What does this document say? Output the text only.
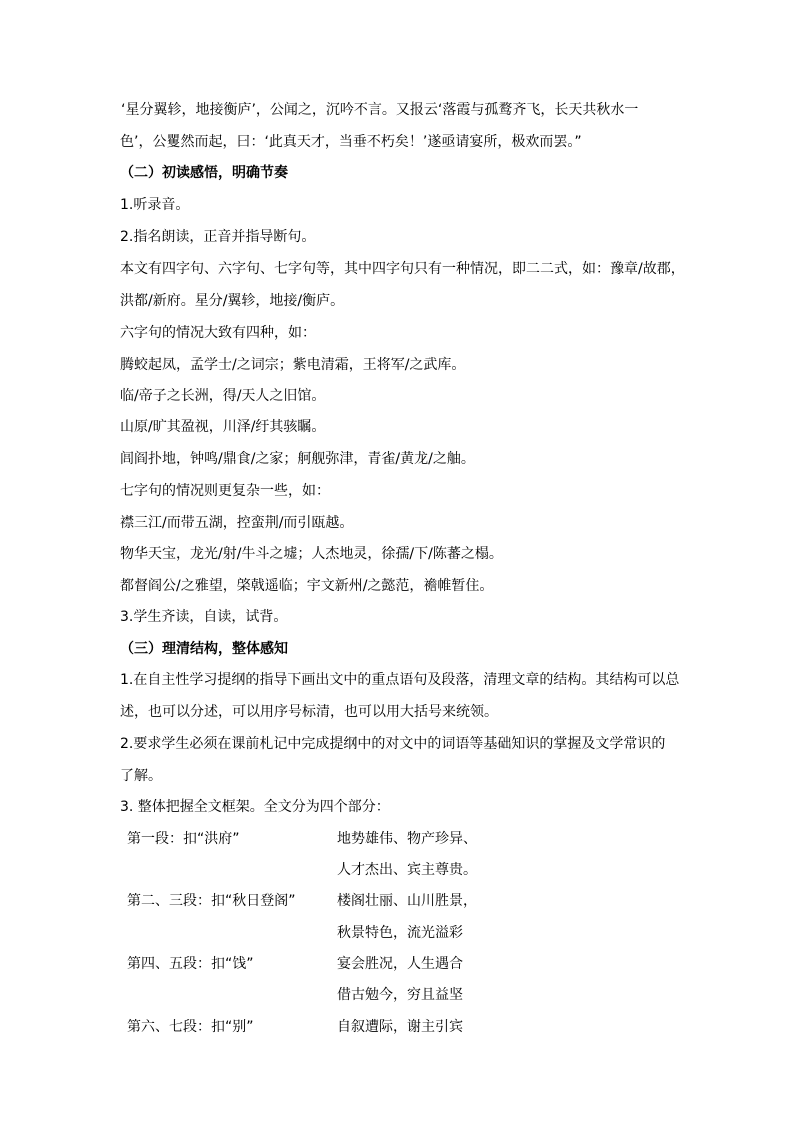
‘星分翼轸，地接衡庐’，公闻之，沉吟不言。又报云‘落霞与孤鹜齐飞，长天共秋水一
色’，公矍然而起，曰：‘此真天才，当垂不朽矣！’遂亟请宴所，极欢而罢。”
（二）初读感悟，明确节奏
1.听录音。
2.指名朗读，正音并指导断句。
本文有四字句、六字句、七字句等，其中四字句只有一种情况，即二二式，如：豫章/故郡，
洪都/新府。星分/翼轸，地接/衡庐。
六字句的情况大致有四种，如：
腾蛟起凤，孟学士/之词宗；紫电清霜，王将军/之武库。
临/帝子之长洲，得/天人之旧馆。
山原/旷其盈视，川泽/纡其骇瞩。
闾阎扑地，钟鸣/鼎食/之家；舸舰弥津，青雀/黄龙/之舳。
七字句的情况则更复杂一些，如：
襟三江/而带五湖，控蛮荆/而引瓯越。
物华天宝，龙光/射/牛斗之墟；人杰地灵，徐孺/下/陈蕃之榻。
都督阎公/之雅望，棨戟遥临；宇文新州/之懿范，襜帷暂住。
3.学生齐读，自读，试背。
（三）理清结构，整体感知
1.在自主性学习提纲的指导下画出文中的重点语句及段落，清理文章的结构。其结构可以总
述，也可以分述，可以用序号标清，也可以用大括号来统领。
2.要求学生必须在课前札记中完成提纲中的对文中的词语等基础知识的掌握及文学常识的
了解。
3. 整体把握全文框架。全文分为四个部分：
第一段：扣“洪府”	地势雄伟、物产珍异、
人才杰出、宾主尊贵。
第二、三段：扣“秋日登阁”	楼阁壮丽、山川胜景，
秋景特色，流光溢彩
第四、五段：扣“饯”	宴会胜况，人生遇合
借古勉今，穷且益坚
第六、七段：扣“别”	自叙遭际，谢主引宾
